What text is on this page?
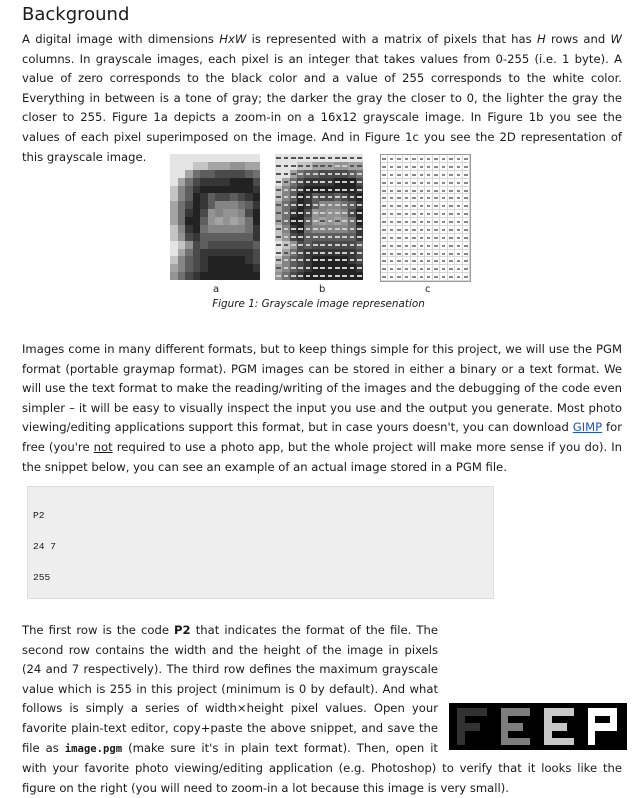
Background
A digital image with dimensions HxW is represented with a matrix of pixels that has H rows and W columns. In grayscale images, each pixel is an integer that takes values from 0-255 (i.e. 1 byte). A value of zero corresponds to the black color and a value of 255 corresponds to the white color. Everything in between is a tone of gray; the darker the gray the closer to 0, the lighter the gray the closer to 255. Figure 1a depicts a zoom-in on a 16x12 grayscale image. In Figure 1b you see the values of each pixel superimposed on the image. And in Figure 1c you see the 2D representation of this grayscale image.
a	b	c
Figure 1: Grayscale image represenation
Images come in many different formats, but to keep things simple for this project, we will use the PGM format (portable graymap format). PGM images can be stored in either a binary or a text format. We will use the text format to make the reading/writing of the images and the debugging of the code even simpler – it will be easy to visually inspect the input you use and the output you generate. Most photo viewing/editing applications support this format, but in case yours doesn't, you can download GIMP for free (you're not required to use a photo app, but the whole project will make more sense if you do). In the snippet below, you can see an example of an actual image stored in a PGM file.

P2

24 7

255

The first row is the code P2 that indicates the format of the file. The second row contains the width and the height of the image in pixels (24 and 7 respectively). The third row defines the maximum grayscale value which is 255 in this project (minimum is 0 by default). And what follows is simply a series of width×height pixel values. Open your favorite plain-text editor, copy+paste the above snippet, and save the file as image.pgm (make sure it's in plain text format). Then, open it with your favorite photo viewing/editing application (e.g. Photoshop) to verify that it looks like the figure on the right (you will need to zoom-in a lot because this image is very small).
